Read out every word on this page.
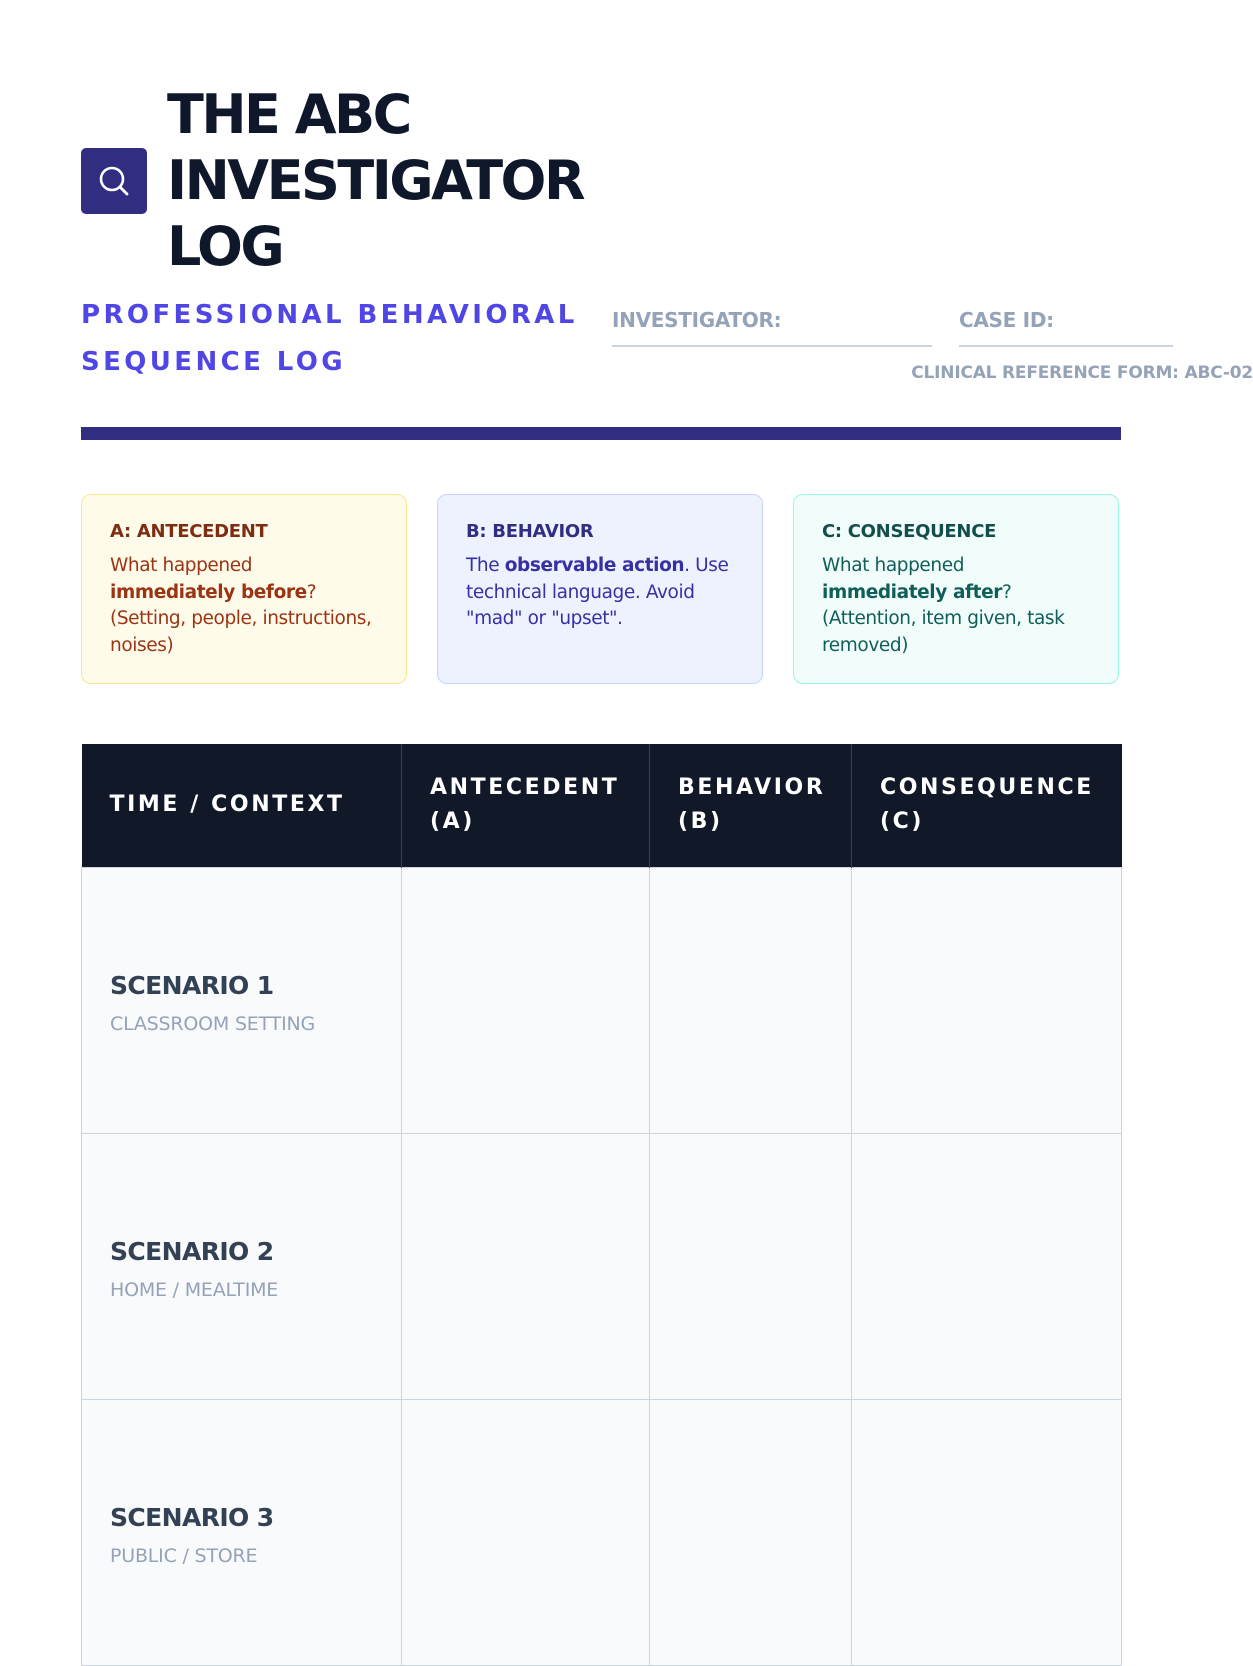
THE ABC
INVESTIGATOR
LOG

PROFESSIONAL BEHAVIORAL SEQUENCE LOG

INVESTIGATOR:	CASE ID:
CLINICAL REFERENCE FORM: ABC-02
A: ANTECEDENT
What happened immediately before? (Setting, people, instructions, noises)
B: BEHAVIOR
The observable action. Use technical language. Avoid "mad" or "upset".
C: CONSEQUENCE
What happened immediately after? (Attention, item given, task removed)
TIME / CONTEXT	ANTECEDENT (A)	BEHAVIOR (B)	CONSEQUENCE (C)

SCENARIO 1
CLASSROOM SETTING			

SCENARIO 2
HOME / MEALTIME			

SCENARIO 3
PUBLIC / STORE			
